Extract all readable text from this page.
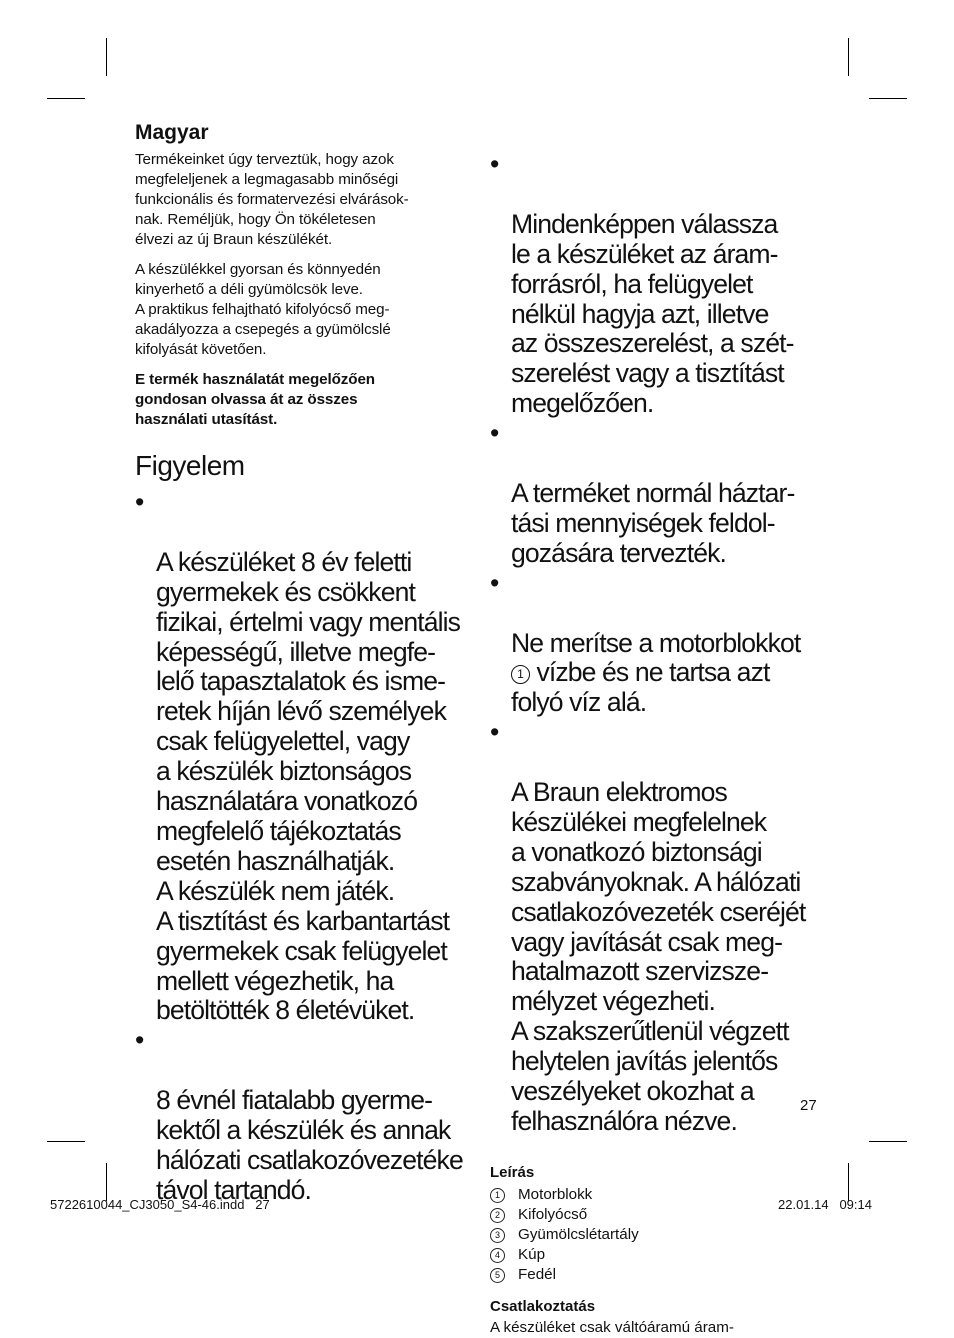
Magyar

Termékeinket úgy terveztük, hogy azok
megfeleljenek a legmagasabb minőségi
funkcionális és formatervezési elvárások-
nak. Reméljük, hogy Ön tökéletesen
élvezi az új Braun készülékét.

A készülékkel gyorsan és könnyedén
kinyerhető a déli gyümölcsök leve.
A praktikus felhajtható kifolyócső meg-
akadályozza a csepegés a gyümölcslé
kifolyását követően.

E termék használatát megelőzően
gondosan olvassa át az összes
használati utasítást.

Figyelem

•

A készüléket 8 év feletti
gyermekek és csökkent
fizikai, értelmi vagy mentális
képességű, illetve megfe-
lelő tapasztalatok és isme-
retek híján lévő személyek
csak felügyelettel, vagy
a készülék biztonságos
használatára vonatkozó
megfelelő tájékoztatás
esetén használhatják.
A készülék nem játék.
A tisztítást és karbantartást
gyermekek csak felügyelet
mellett végezhetik, ha
betöltötték 8 életévüket.

•

8 évnél fiatalabb gyerme-
kektől a készülék és annak
hálózati csatlakozóvezetéke
távol tartandó.

•

Mindenképpen válassza
le a készüléket az áram-
forrásról, ha felügyelet
nélkül hagyja azt, illetve
az összeszerelést, a szét-
szerelést vagy a tisztítást
megelőzően.

•

A terméket normál háztar-
tási mennyiségek feldol-
gozására tervezték.

•

Ne merítse a motorblokkot
1 vízbe és ne tartsa azt
folyó víz alá.

•

A Braun elektromos
készülékei megfelelnek
a vonatkozó biztonsági
szabványoknak. A hálózati
csatlakozóvezeték cseréjét
vagy javítását csak meg-
hatalmazott szervizsze-
mélyzet végezheti.
A szakszerűtlenül végzett
helytelen javítás jelentős
veszélyeket okozhat a
felhasználóra nézve.

Leírás
1	Motorblokk
2	Kifolyócső
3	Gyümölcslétartály
4	Kúp
5	Fedél
Csatlakoztatás

A készüléket csak váltóáramú áram-

27
5722610044_CJ3050_S4-46.indd   27	22.01.14   09:14
